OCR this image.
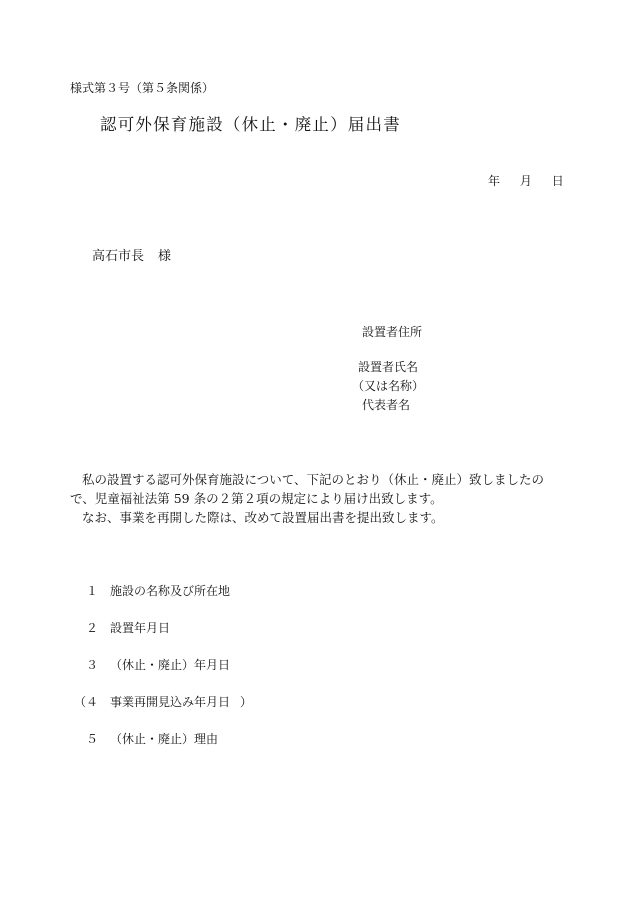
様式第３号（第５条関係）
認可外保育施設（休止・廃止）届出書
年 月 日
高石市長 様
設置者住所
設置者氏名
（又は名称）
代表者名
私の設置する認可外保育施設について、下記のとおり（休止・廃止）致しましたの
で、児童福祉法第 59 条の２第２項の規定により届け出致します。
なお、事業を再開した際は、改めて設置届出書を提出致します。
１ 施設の名称及び所在地
２ 設置年月日
３ （休止・廃止）年月日
（４ 事業再開見込み年月日 ）
５ （休止・廃止）理由
